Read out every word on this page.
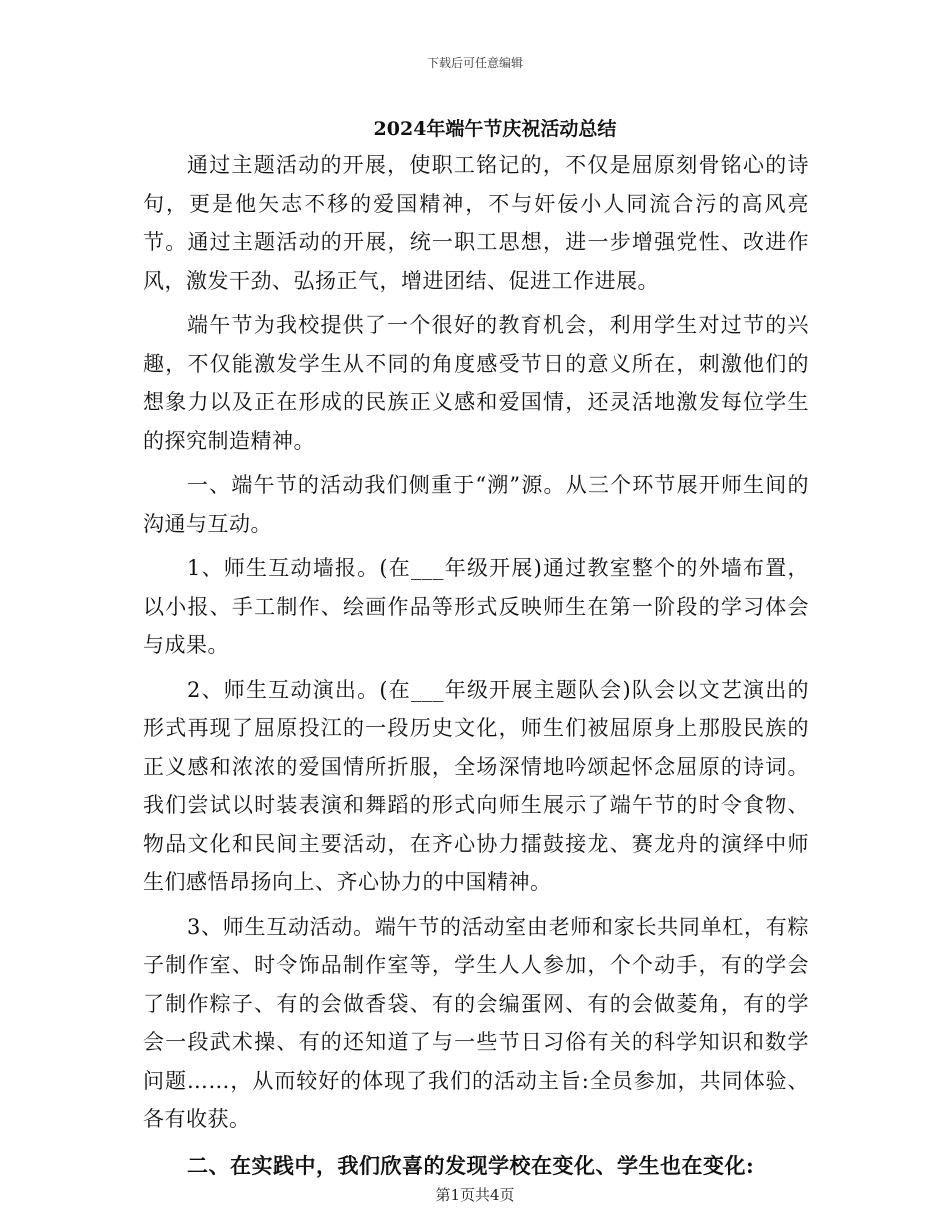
下载后可任意编辑
2024年端午节庆祝活动总结

通过主题活动的开展，使职工铭记的，不仅是屈原刻骨铭心的诗句，更是他矢志不移的爱国精神，不与奸佞小人同流合污的高风亮节。通过主题活动的开展，统一职工思想，进一步增强党性、改进作风，激发干劲、弘扬正气，增进团结、促进工作进展。

端午节为我校提供了一个很好的教育机会，利用学生对过节的兴趣，不仅能激发学生从不同的角度感受节日的意义所在，刺激他们的想象力以及正在形成的民族正义感和爱国情，还灵活地激发每位学生的探究制造精神。

一、端午节的活动我们侧重于“溯”源。从三个环节展开师生间的沟通与互动。

1、师生互动墙报。(在___年级开展)通过教室整个的外墙布置，以小报、手工制作、绘画作品等形式反映师生在第一阶段的学习体会与成果。

2、师生互动演出。(在___年级开展主题队会)队会以文艺演出的形式再现了屈原投江的一段历史文化，师生们被屈原身上那股民族的正义感和浓浓的爱国情所折服，全场深情地吟颂起怀念屈原的诗词。我们尝试以时装表演和舞蹈的形式向师生展示了端午节的时令食物、物品文化和民间主要活动，在齐心协力擂鼓接龙、赛龙舟的演绎中师生们感悟昂扬向上、齐心协力的中国精神。

3、师生互动活动。端午节的活动室由老师和家长共同单杠，有粽子制作室、时令饰品制作室等，学生人人参加，个个动手，有的学会了制作粽子、有的会做香袋、有的会编蛋网、有的会做菱角，有的学会一段武术操、有的还知道了与一些节日习俗有关的科学知识和数学问题……，从而较好的体现了我们的活动主旨:全员参加，共同体验、各有收获。

二、在实践中，我们欣喜的发现学校在变化、学生也在变化:

第1页共4页
